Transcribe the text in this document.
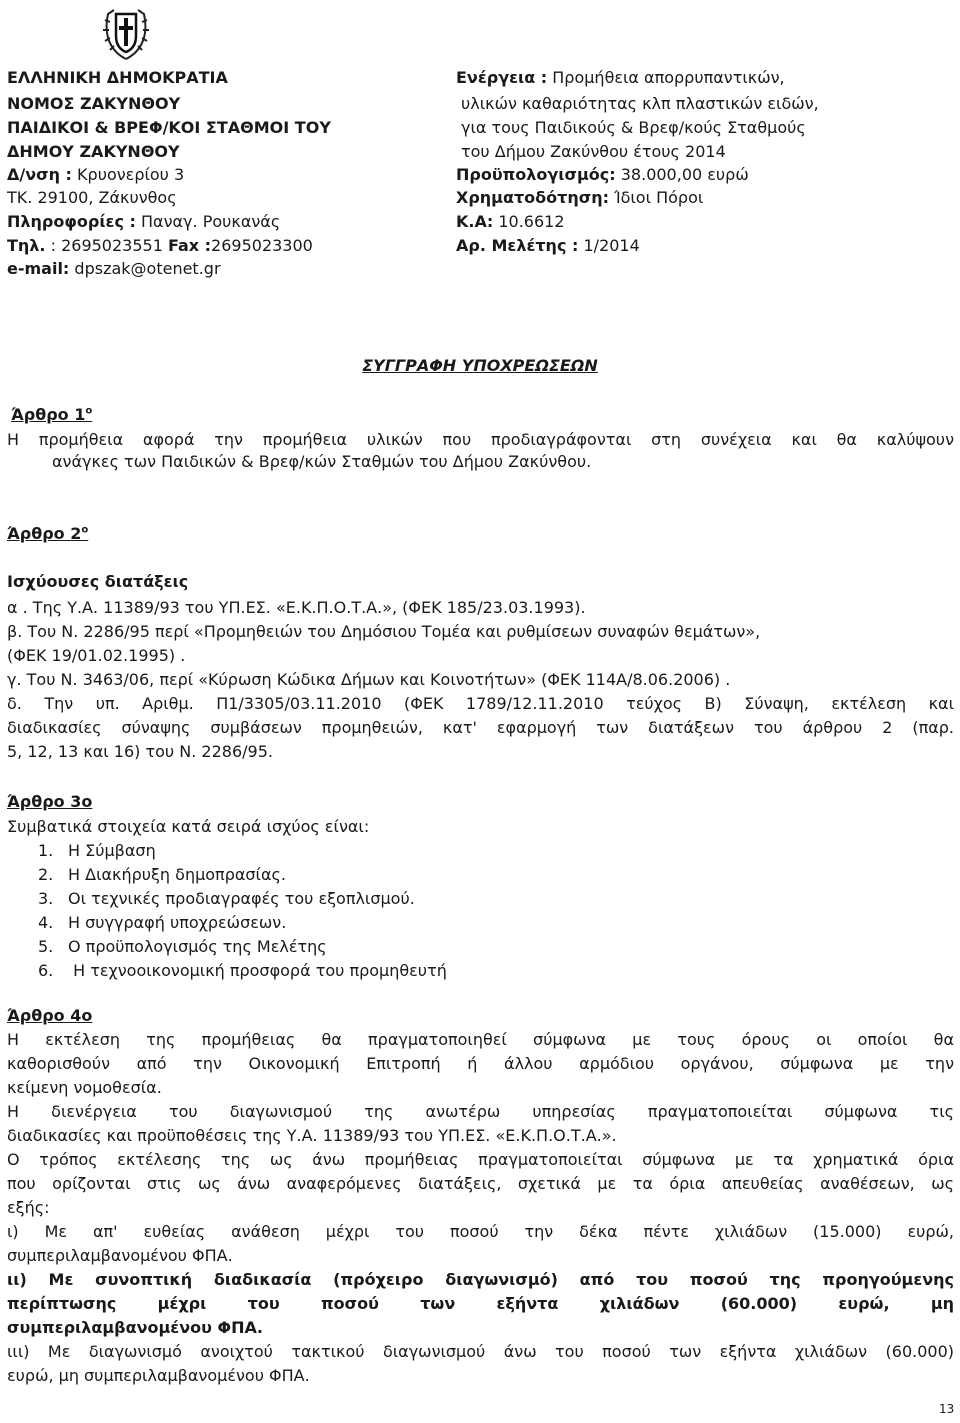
ΕΛΛΗΝΙΚΗ ΔΗΜΟΚΡΑΤΙΑ
ΝΟΜΟΣ ΖΑΚΥΝΘΟΥ
ΠΑΙΔΙΚΟΙ & ΒΡΕΦ/ΚΟΙ ΣΤΑΘΜΟΙ ΤΟΥ
ΔΗΜΟΥ ΖΑΚΥΝΘΟΥ
Δ/νση : Κρυονερίου 3
ΤΚ. 29100, Ζάκυνθος
Πληροφορίες : Παναγ. Ρουκανάς
Τηλ. : 2695023551 Fax :2695023300
e-mail: dpszak@otenet.gr
Ενέργεια : Προμήθεια απορρυπαντικών,
υλικών καθαριότητας κλπ πλαστικών ειδών,
για τους Παιδικούς & Βρεφ/κούς Σταθμούς
του Δήμου Ζακύνθου έτους 2014
Προϋπολογισμός: 38.000,00 ευρώ
Χρηματοδότηση: Ίδιοι Πόροι
Κ.Α: 10.6612
Αρ. Μελέτης : 1/2014
ΣΥΓΓΡΑΦΗ ΥΠΟΧΡΕΩΣΕΩΝ
Άρθρο $1^o$
Η προμήθεια αφορά την προμήθεια υλικών που προδιαγράφονται στη συνέχεια και θα καλύψουν
ανάγκες των Παιδικών & Βρεφ/κών Σταθμών του Δήμου Ζακύνθου.
Άρθρο $2^o$
Ισχύουσες διατάξεις
α . Της Υ.Α. 11389/93 του ΥΠ.ΕΣ. «Ε.Κ.Π.Ο.Τ.Α.», (ΦΕΚ 185/23.03.1993).
β. Του Ν. 2286/95 περί «Προμηθειών του Δημόσιου Τομέα και ρυθμίσεων συναφών θεμάτων»,
(ΦΕΚ 19/01.02.1995) .
γ. Του Ν. 3463/06, περί «Κύρωση Κώδικα Δήμων και Κοινοτήτων» (ΦΕΚ 114Α/8.06.2006) .
δ. Την υπ. Αριθμ. Π1/3305/03.11.2010 (ΦΕΚ 1789/12.11.2010 τεύχος Β) Σύναψη, εκτέλεση και
διαδικασίες σύναψης συμβάσεων προμηθειών, κατ' εφαρμογή των διατάξεων του άρθρου 2 (παρ.
5, 12, 13 και 16) του Ν. 2286/95.
Άρθρο 3ο
Συμβατικά στοιχεία κατά σειρά ισχύος είναι:
1. Η Σύμβαση
2. Η Διακήρυξη δημοπρασίας.
3. Οι τεχνικές προδιαγραφές του εξοπλισμού.
4. Η συγγραφή υποχρεώσεων.
5. Ο προϋπολογισμός της Μελέτης
6. Η τεχνοοικονομική προσφορά του προμηθευτή
Άρθρο 4ο
Η εκτέλεση της προμήθειας θα πραγματοποιηθεί σύμφωνα με τους όρους οι οποίοι θα
καθορισθούν από την Οικονομική Επιτροπή ή άλλου αρμόδιου οργάνου, σύμφωνα με την
κείμενη νομοθεσία.
Η διενέργεια του διαγωνισμού της ανωτέρω υπηρεσίας πραγματοποιείται σύμφωνα τις
διαδικασίες και προϋποθέσεις της Υ.Α. 11389/93 του ΥΠ.ΕΣ. «Ε.Κ.Π.Ο.Τ.Α.».
Ο τρόπος εκτέλεσης της ως άνω προμήθειας πραγματοποιείται σύμφωνα με τα χρηματικά όρια
που ορίζονται στις ως άνω αναφερόμενες διατάξεις, σχετικά με τα όρια απευθείας αναθέσεων, ως
εξής:
ι) Με απ' ευθείας ανάθεση μέχρι του ποσού την δέκα πέντε χιλιάδων (15.000) ευρώ,
συμπεριλαμβανομένου ΦΠΑ.
ιι) Με συνοπτική διαδικασία (πρόχειρο διαγωνισμό) από του ποσού της προηγούμενης
περίπτωσης μέχρι του ποσού των εξήντα χιλιάδων (60.000) ευρώ, μη
συμπεριλαμβανομένου ΦΠΑ.
ιιι) Με διαγωνισμό ανοιχτού τακτικού διαγωνισμού άνω του ποσού των εξήντα χιλιάδων (60.000)
ευρώ, μη συμπεριλαμβανομένου ΦΠΑ.
13
